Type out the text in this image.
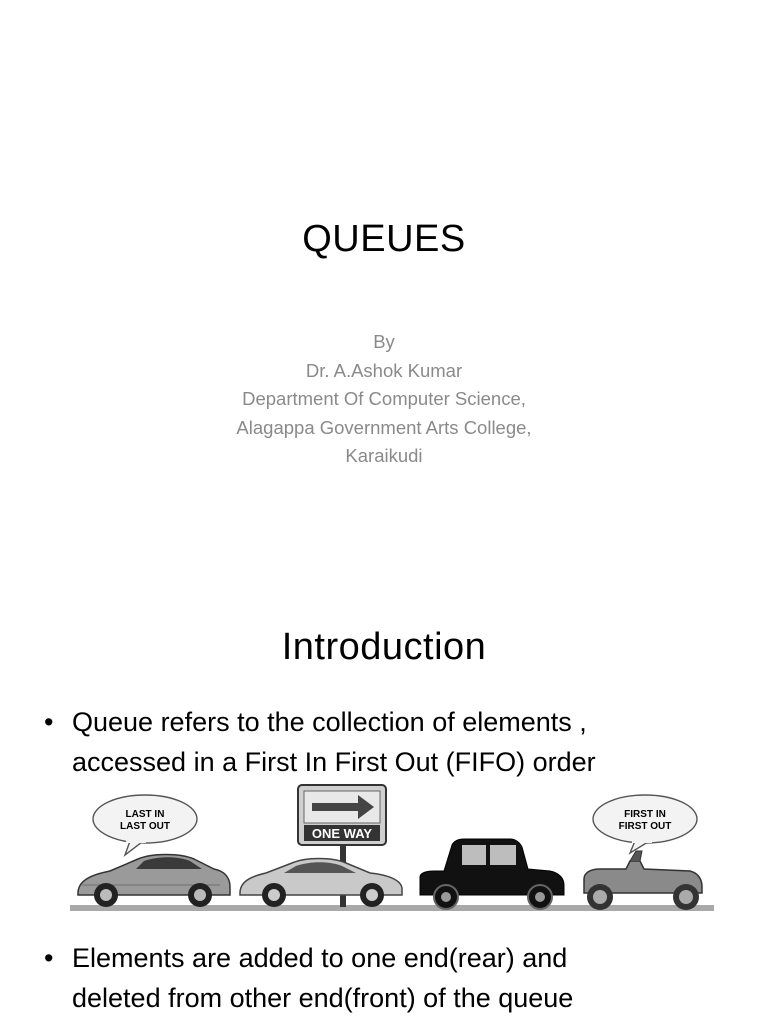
QUEUES
By
Dr. A.Ashok Kumar
Department Of Computer Science,
Alagappa Government Arts College,
Karaikudi
Introduction
• Queue refers to the collection of elements ,
accessed in a First In First Out (FIFO) order
LAST IN
LAST OUT	ONE WAY
FIRST IN
FIRST OUT
• Elements are added to one end(rear) and
deleted from other end(front) of the queue
